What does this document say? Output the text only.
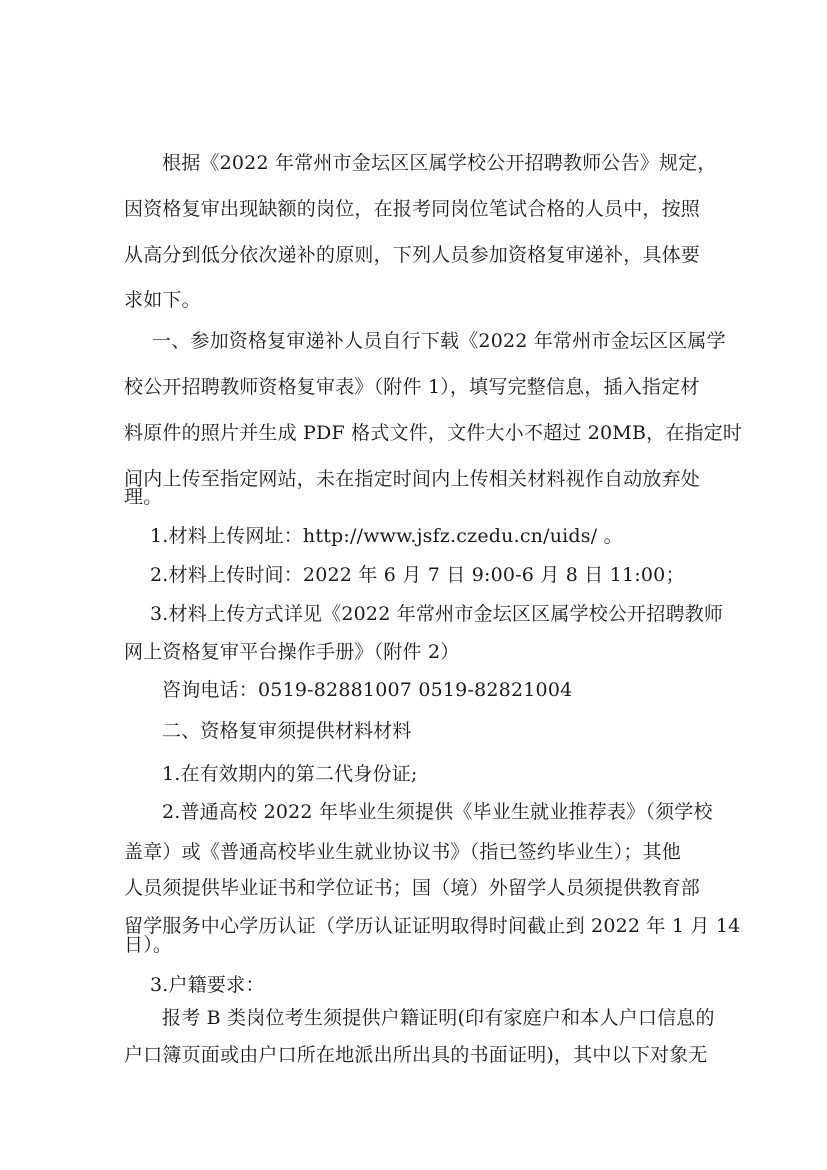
根据《2022 年常州市金坛区区属学校公开招聘教师公告》规定，
因资格复审出现缺额的岗位，在报考同岗位笔试合格的人员中，按照
从高分到低分依次递补的原则，下列人员参加资格复审递补，具体要
求如下。
一、参加资格复审递补人员自行下载《2022 年常州市金坛区区属学
校公开招聘教师资格复审表》（附件 1），填写完整信息，插入指定材
料原件的照片并生成 PDF 格式文件，文件大小不超过 20MB，在指定时
间内上传至指定网站，未在指定时间内上传相关材料视作自动放弃处
理。
1.材料上传网址：http://www.jsfz.czedu.cn/uids/ 。
2.材料上传时间：2022 年 6 月 7 日 9:00-6 月 8 日 11:00；
3.材料上传方式详见《2022 年常州市金坛区区属学校公开招聘教师
网上资格复审平台操作手册》（附件 2）
咨询电话：0519-82881007 0519-82821004
二、资格复审须提供材料材料
1.在有效期内的第二代身份证;
2.普通高校 2022 年毕业生须提供《毕业生就业推荐表》（须学校
盖章）或《普通高校毕业生就业协议书》（指已签约毕业生）；其他
人员须提供毕业证书和学位证书；国（境）外留学人员须提供教育部
留学服务中心学历认证（学历认证证明取得时间截止到 2022 年 1 月 14
日）。
3.户籍要求：
报考 B 类岗位考生须提供户籍证明(印有家庭户和本人户口信息的
户口簿页面或由户口所在地派出所出具的书面证明)，其中以下对象无
